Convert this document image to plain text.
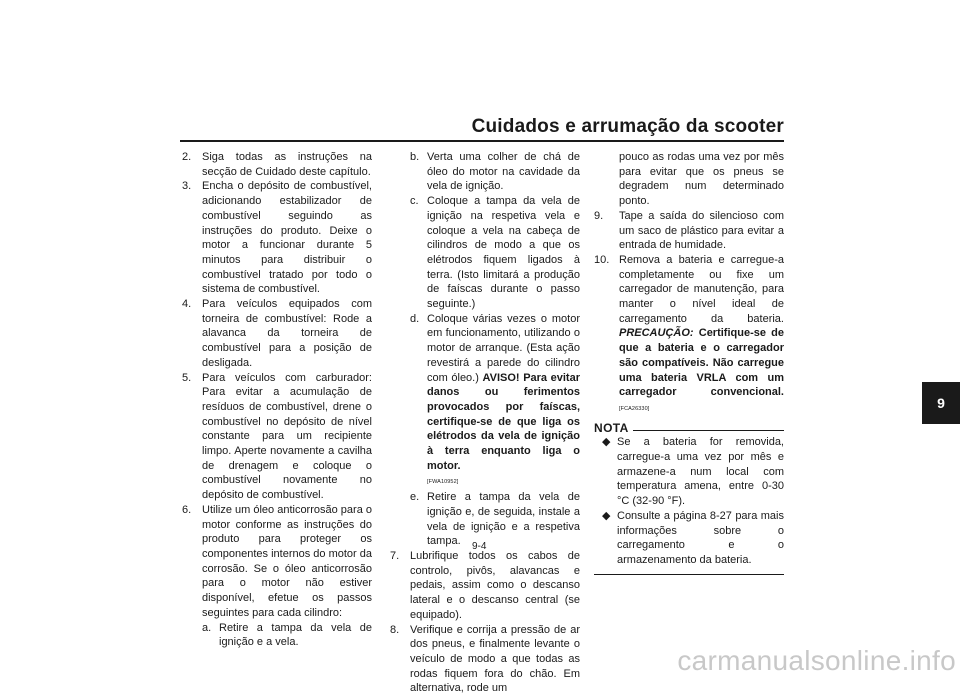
Cuidados e arrumação da scooter
2. Siga todas as instruções na secção de Cuidado deste capítulo.
3. Encha o depósito de combustível, adicionando estabilizador de combustível seguindo as instruções do produto. Deixe o motor a funcionar durante 5 minutos para distribuir o combustível tratado por todo o sistema de combustível.
4. Para veículos equipados com torneira de combustível: Rode a alavanca da torneira de combustível para a posição de desligada.
5. Para veículos com carburador: Para evitar a acumulação de resíduos de combustível, drene o combustível no depósito de nível constante para um recipiente limpo. Aperte novamente a cavilha de drenagem e coloque o combustível novamente no depósito de combustível.
6. Utilize um óleo anticorrosão para o motor conforme as instruções do produto para proteger os componentes internos do motor da corrosão. Se o óleo anticorrosão para o motor não estiver disponível, efetue os passos seguintes para cada cilindro:
a. Retire a tampa da vela de ignição e a vela.
b. Verta uma colher de chá de óleo do motor na cavidade da vela de ignição.
c. Coloque a tampa da vela de ignição na respetiva vela e coloque a vela na cabeça de cilindros de modo a que os elétrodos fiquem ligados à terra. (Isto limitará a produção de faíscas durante o passo seguinte.)
d. Coloque várias vezes o motor em funcionamento, utilizando o motor de arranque. (Esta ação revestirá a parede do cilindro com óleo.) AVISO! Para evitar danos ou ferimentos provocados por faíscas, certifique-se de que liga os elétrodos da vela de ignição à terra enquanto liga o motor.
[FWA10952]
e. Retire a tampa da vela de ignição e, de seguida, instale a vela de ignição e a respetiva tampa.
7. Lubrifique todos os cabos de controlo, pivôs, alavancas e pedais, assim como o descanso lateral e o descanso central (se equipado).
8. Verifique e corrija a pressão de ar dos pneus, e finalmente levante o veículo de modo a que todas as rodas fiquem fora do chão. Em alternativa, rode um
pouco as rodas uma vez por mês para evitar que os pneus se degradem num determinado ponto.
9.	Tape a saída do silencioso com um saco de plástico para evitar a entrada de humidade.
10. Remova a bateria e carregue-a completamente ou fixe um carregador de manutenção, para manter o nível ideal de carregamento da bateria. PRECAUÇÃO: Certifique-se de que a bateria e o carregador são compatíveis. Não carregue uma bateria VRLA com um carregador convencional. [FCA26330]
NOTA
◆ Se a bateria for removida, carregue-a uma vez por mês e armazene-a num local com temperatura amena, entre 0-30 °C (32-90 °F).
◆ Consulte a página 8-27 para mais informações sobre o carregamento e o armazenamento da bateria.
9-4
9
carmanualsonline.info
